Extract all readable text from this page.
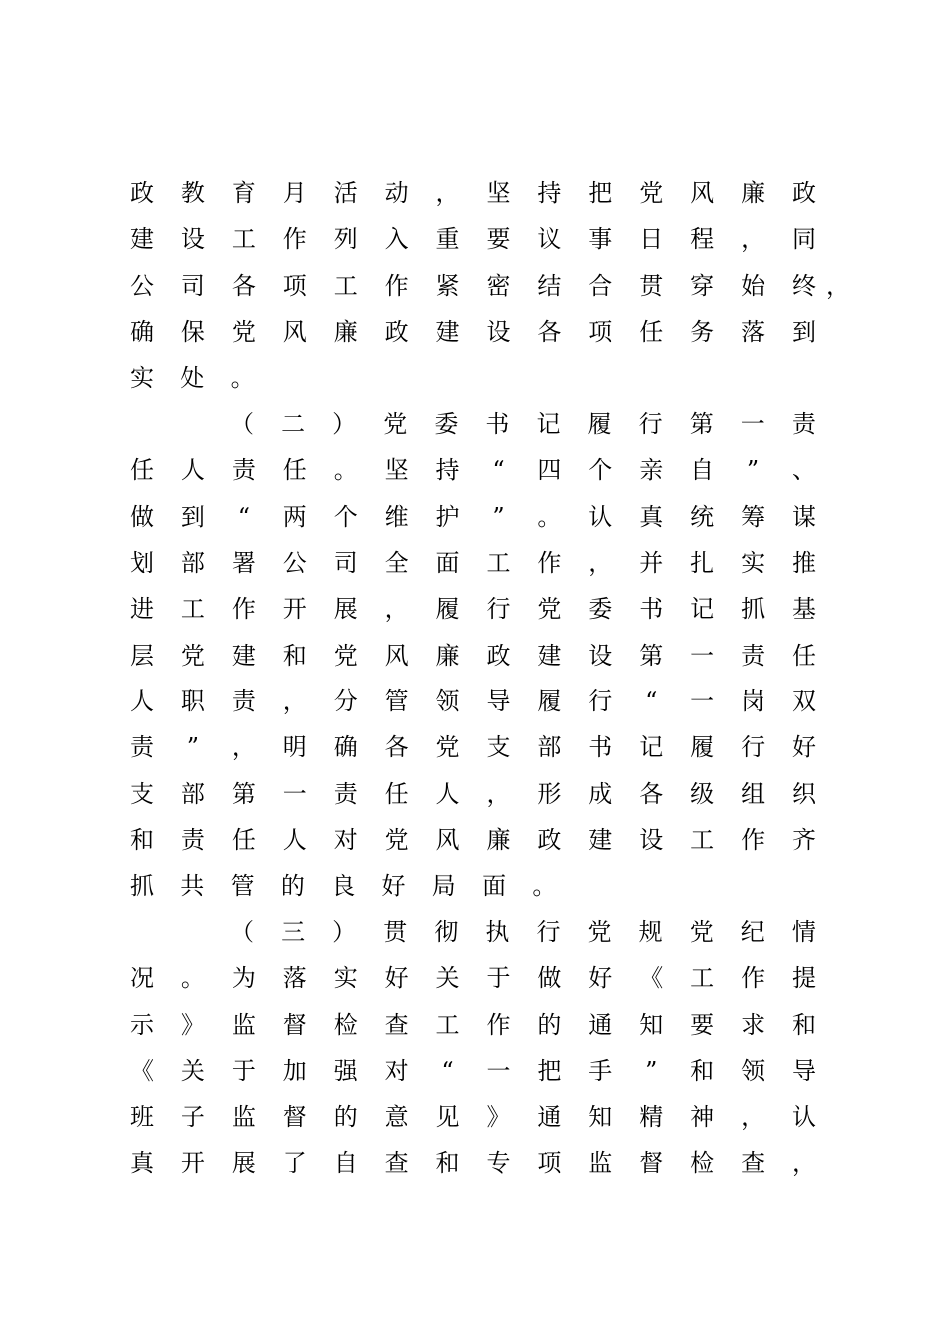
政 教 育 月 活 动 ， 坚 持 把 党 风 廉 政
建 设 工 作 列 入 重 要 议 事 日 程 ， 同
公 司 各 项 工 作 紧 密 结 合 贯 穿 始 终 ，
确 保 党 风 廉 政 建 设 各 项 任 务 落 到
实 处 。
（ 二 ） 党 委 书 记 履 行 第 一 责
任 人 责 任 。 坚 持	“	四 个 亲 自	”	、
做 到	“	两 个 维 护	”	。 认 真 统 筹 谋
划 部 署 公 司 全 面 工 作 ， 并 扎 实 推
进 工 作 开 展 ， 履 行 党 委 书 记 抓 基
层 党 建 和 党 风 廉 政 建 设 第 一 责 任
人 职 责 ， 分 管 领 导 履 行	“	一 岗 双
责	”	， 明 确 各 党 支 部 书 记 履 行 好
支 部 第 一 责 任 人 ， 形 成 各 级 组 织
和 责 任 人 对 党 风 廉 政 建 设 工 作 齐
抓 共 管 的 良 好 局 面 。
（ 三 ） 贯 彻 执 行 党 规 党 纪 情
况 。 为 落 实 好 关 于 做 好 《 工 作 提
示 》 监 督 检 查 工 作 的 通 知 要 求 和
《 关 于 加 强 对	“	一 把 手	”	和 领 导
班 子 监 督 的 意 见 》 通 知 精 神 ， 认
真 开 展 了 自 查 和 专 项 监 督 检 查 ，
